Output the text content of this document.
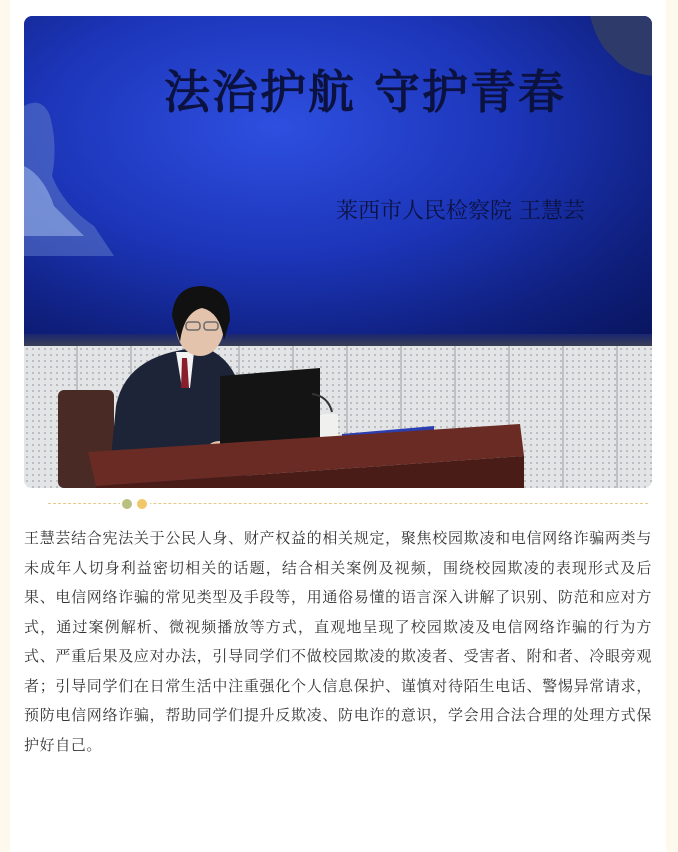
法治护航 守护青春
莱西市人民检察院 王慧芸

王慧芸结合宪法关于公民人身、财产权益的相关规定，聚焦校园欺凌和电信网络诈骗两类与未成年人切身利益密切相关的话题，结合相关案例及视频，围绕校园欺凌的表现形式及后果、电信网络诈骗的常见类型及手段等，用通俗易懂的语言深入讲解了识别、防范和应对方式，通过案例解析、微视频播放等方式，直观地呈现了校园欺凌及电信网络诈骗的行为方式、严重后果及应对办法，引导同学们不做校园欺凌的欺凌者、受害者、附和者、冷眼旁观者；引导同学们在日常生活中注重强化个人信息保护、谨慎对待陌生电话、警惕异常请求，预防电信网络诈骗，帮助同学们提升反欺凌、防电诈的意识，学会用合法合理的处理方式保护好自己。
